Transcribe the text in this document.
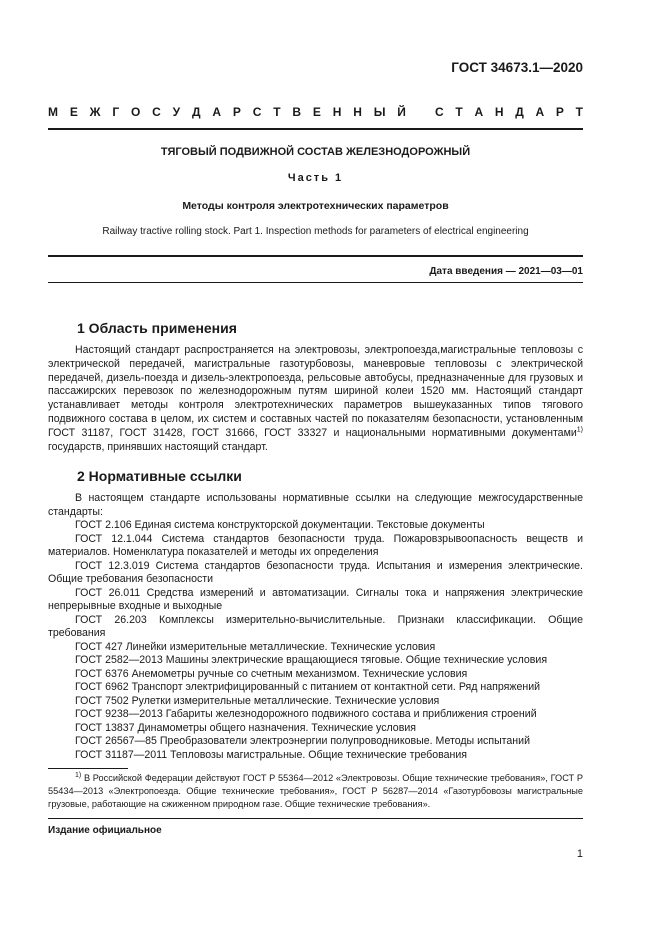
ГОСТ 34673.1—2020
М Е Ж Г О С У Д А Р С Т В Е Н Н Ы Й С Т А Н Д А Р Т
ТЯГОВЫЙ ПОДВИЖНОЙ СОСТАВ ЖЕЛЕЗНОДОРОЖНЫЙ
Часть 1
Методы контроля электротехнических параметров
Railway tractive rolling stock. Part 1. Inspection methods for parameters of electrical engineering
Дата введения — 2021—03—01
1 Область применения

Настоящий стандарт распространяется на электровозы, электропоезда,магистральные тепловозы с электрической передачей, магистральные газотурбовозы, маневровые тепловозы с электрической передачей, дизель-поезда и дизель-электропоезда, рельсовые автобусы, предназначенные для грузовых и пассажирских перевозок по железнодорожным путям шириной колеи 1520 мм. Настоящий стандарт устанавливает методы контроля электротехнических параметров вышеуказанных типов тягового подвижного состава в целом, их систем и составных частей по показателям безопасности, установленным ГОСТ 31187, ГОСТ 31428, ГОСТ 31666, ГОСТ 33327 и национальными нормативными документами$^{1)}$ государств, принявших настоящий стандарт.

2 Нормативные ссылки
В настоящем стандарте использованы нормативные ссылки на следующие межгосударственные стандарты:
ГОСТ 2.106 Единая система конструкторской документации. Текстовые документы
ГОСТ 12.1.044 Система стандартов безопасности труда. Пожаровзрывоопасность веществ и материалов. Номенклатура показателей и методы их определения
ГОСТ 12.3.019 Система стандартов безопасности труда. Испытания и измерения электрические. Общие требования безопасности
ГОСТ 26.011 Средства измерений и автоматизации. Сигналы тока и напряжения электрические непрерывные входные и выходные
ГОСТ 26.203 Комплексы измерительно-вычислительные. Признаки классификации. Общие требования
ГОСТ 427 Линейки измерительные металлические. Технические условия
ГОСТ 2582—2013 Машины электрические вращающиеся тяговые. Общие технические условия
ГОСТ 6376 Анемометры ручные со счетным механизмом. Технические условия
ГОСТ 6962 Транспорт электрифицированный с питанием от контактной сети. Ряд напряжений
ГОСТ 7502 Рулетки измерительные металлические. Технические условия
ГОСТ 9238—2013 Габариты железнодорожного подвижного состава и приближения строений
ГОСТ 13837 Динамометры общего назначения. Технические условия
ГОСТ 26567—85 Преобразователи электроэнергии полупроводниковые. Методы испытаний
ГОСТ 31187—2011 Тепловозы магистральные. Общие технические требования

$^{1)}$ В Российской Федерации действуют ГОСТ Р 55364—2012 «Электровозы. Общие технические требования», ГОСТ Р 55434—2013 «Электропоезда. Общие технические требования», ГОСТ Р 56287—2014 «Газотурбовозы магистральные грузовые, работающие на сжиженном природном газе. Общие технические требования».

Издание официальное
1
